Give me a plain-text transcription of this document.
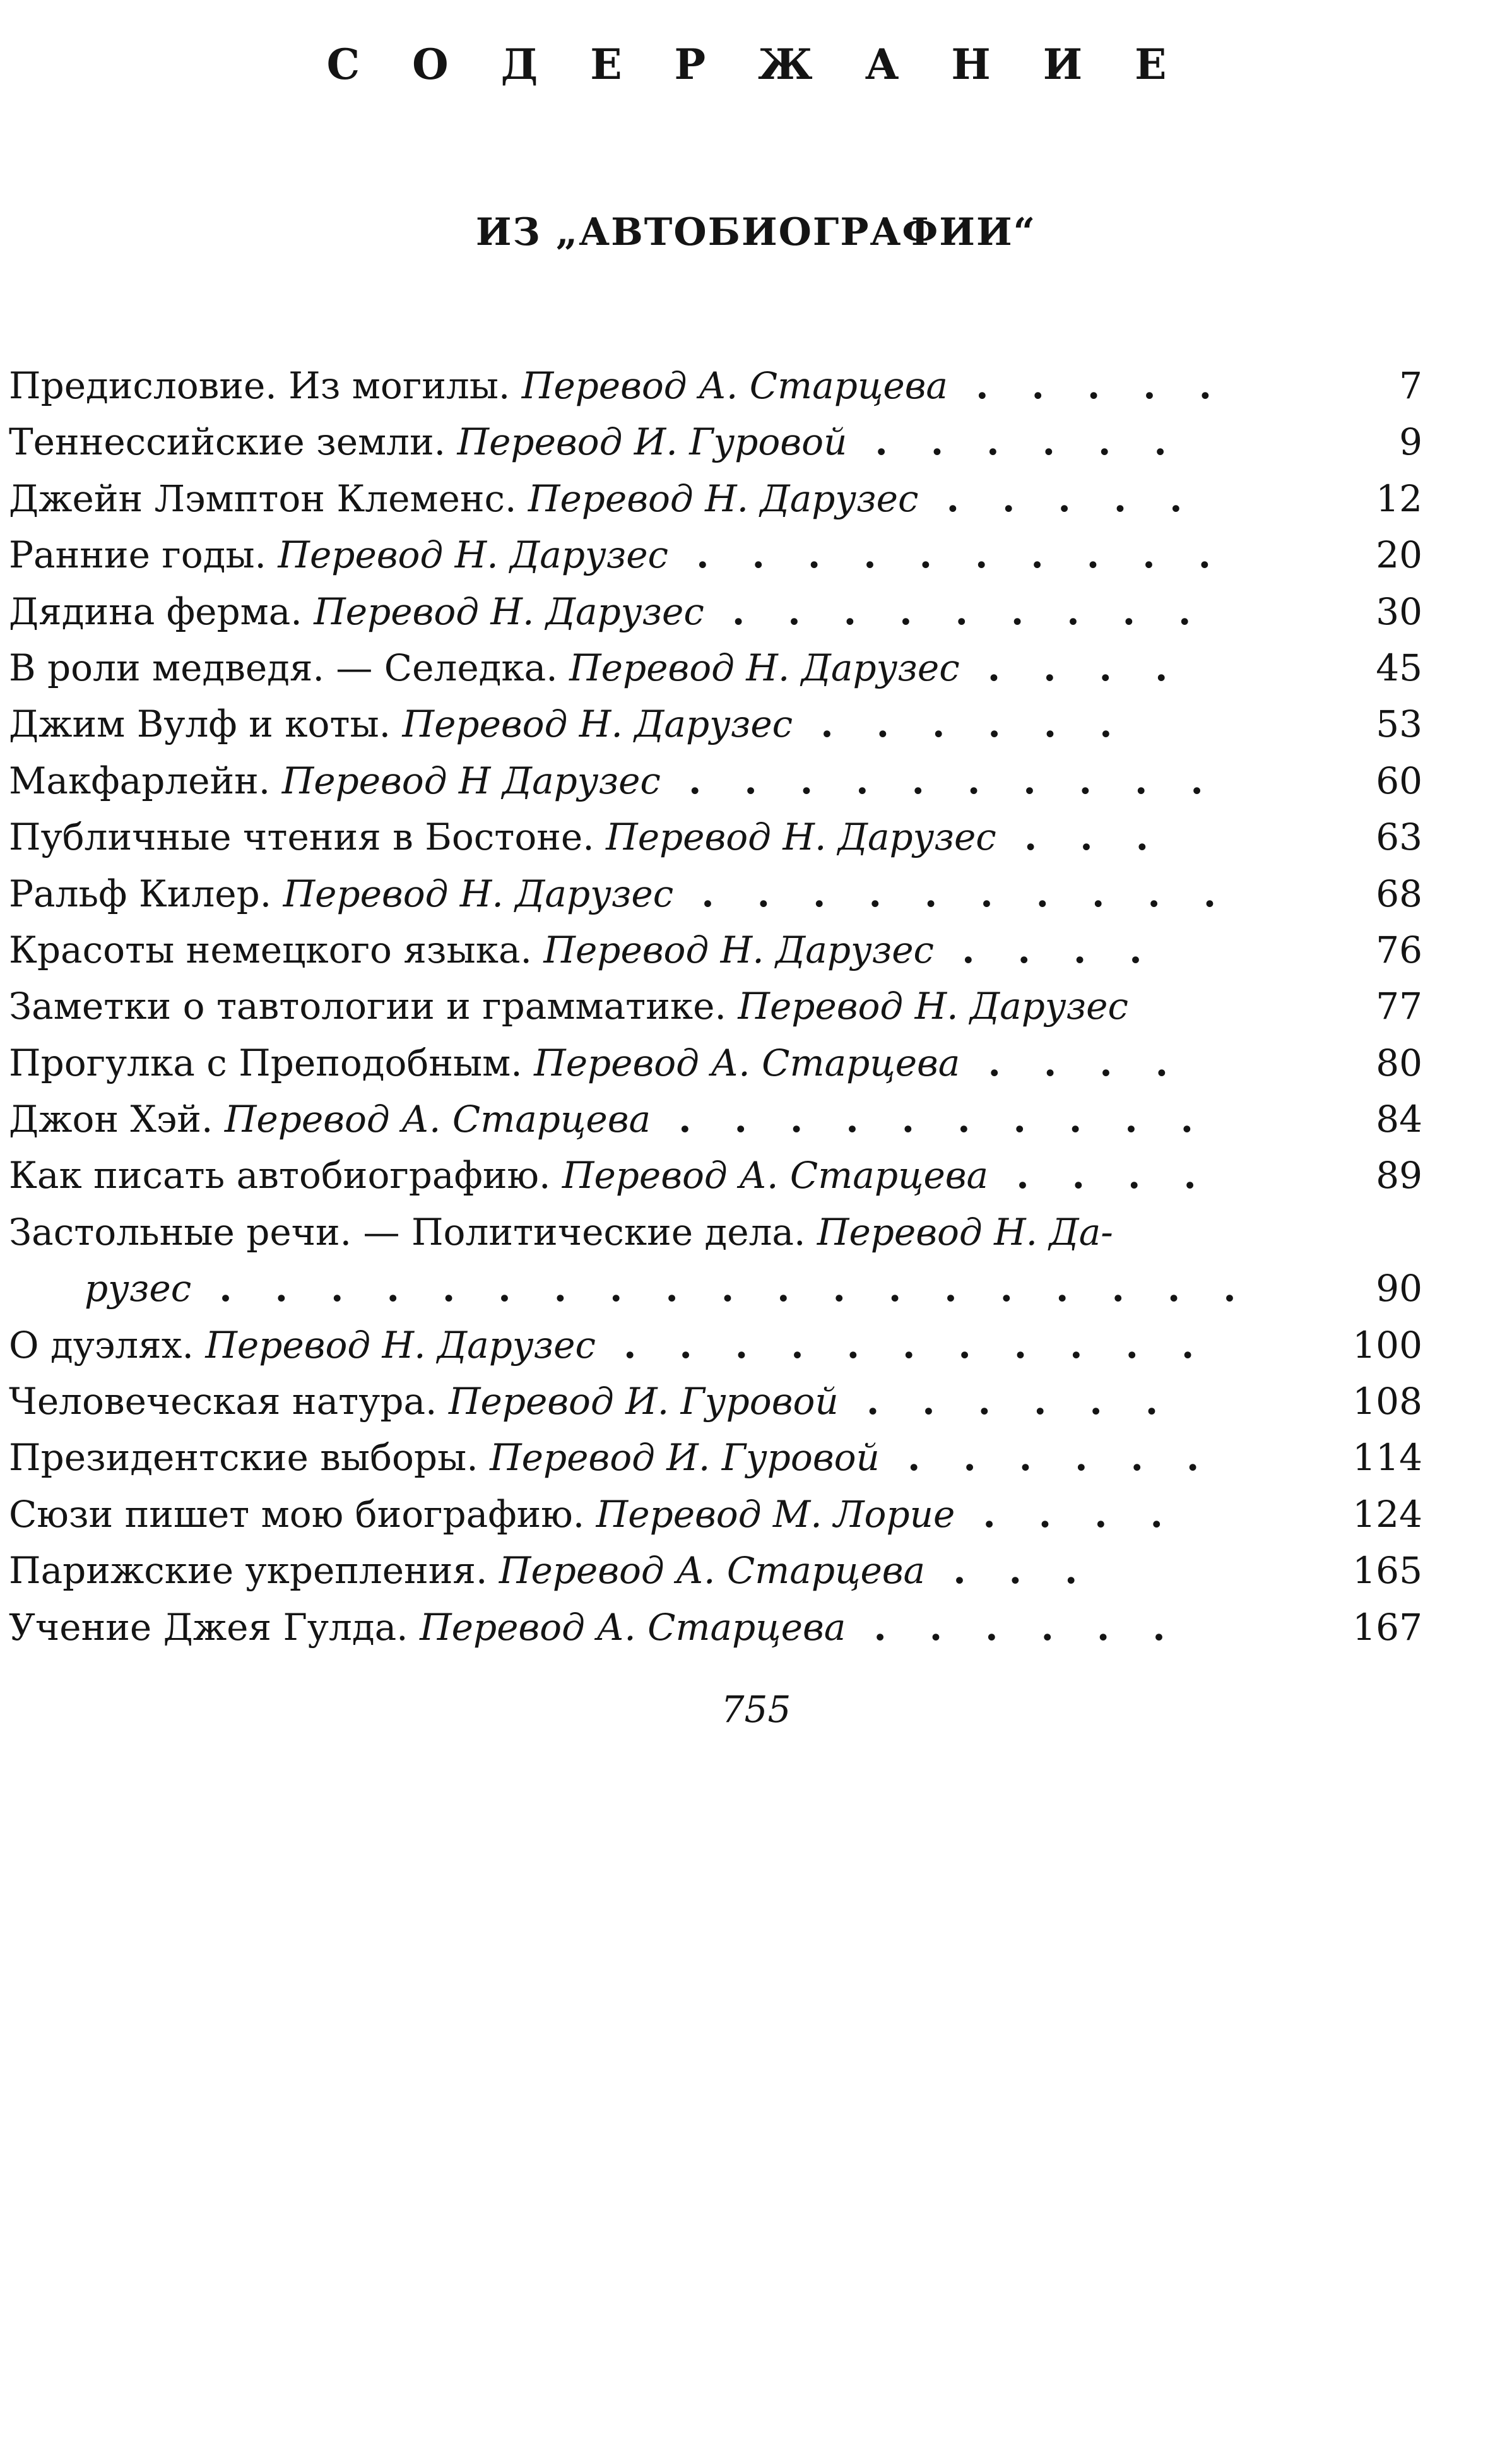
С О Д Е Р Ж А Н И Е
ИЗ „АВТОБИОГРАФИИ“
Предисловие. Из могилы. Перевод А. Старцева . . . . .	7
Теннессийские земли. Перевод И. Гуровой . . . . . .	9
Джейн Лэмптон Клеменс. Перевод Н. Дарузес . . . . .	12
Ранние годы. Перевод Н. Дарузес . . . . . . . . . .	20
Дядина ферма. Перевод Н. Дарузес . . . . . . . . .	30
В роли медведя. — Селедка. Перевод Н. Дарузес . . . .	45
Джим Вулф и коты. Перевод Н. Дарузес . . . . . .	53
Макфарлейн. Перевод Н Дарузес . . . . . . . . . .	60
Публичные чтения в Бостоне. Перевод Н. Дарузес . . .	63
Ральф Килер. Перевод Н. Дарузес . . . . . . . . . .	68
Красоты немецкого языка. Перевод Н. Дарузес . . . .	76
Заметки о тавтологии и грамматике. Перевод Н. Дарузес	77
Прогулка с Преподобным. Перевод А. Старцева . . . .	80
Джон Хэй. Перевод А. Старцева . . . . . . . . . .	84
Как писать автобиографию. Перевод А. Старцева . . . .	89
Застольные речи. — Политические дела. Перевод Н. Да-
рузес . . . . . . . . . . . . . . . . . . .	90
О дуэлях. Перевод Н. Дарузес . . . . . . . . . . .	100
Человеческая натура. Перевод И. Гуровой . . . . . .	108
Президентские выборы. Перевод И. Гуровой . . . . . .	114
Сюзи пишет мою биографию. Перевод М. Лорие . . . .	124
Парижские укрепления. Перевод А. Старцева . . .	165
Учение Джея Гулда. Перевод А. Старцева . . . . . .	167

755
